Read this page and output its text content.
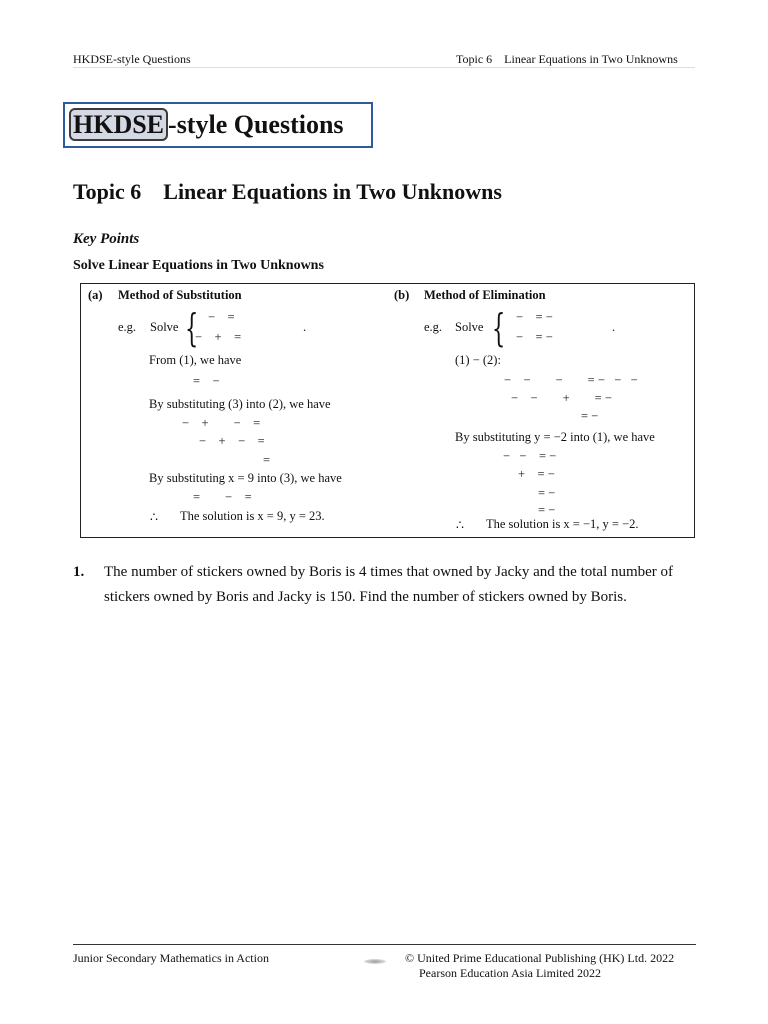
HKDSE-style Questions	Topic 6    Linear Equations in Two Unknowns
HKDSE -style Questions
Topic 6    Linear Equations in Two Unknowns
Key Points
Solve Linear Equations in Two Unknowns
(a) Method of Substitution
e.g. Solve { −    =
−    +    =
.
From (1), we have
=    −
By substituting (3) into (2), we have
−    +        −    =
−    +    −    =
=
By substituting x = 9 into (3), we have
=        −    =
∴ The solution is x = 9, y = 23.
(b) Method of Elimination
e.g. Solve { −    = −
−    = −
.
(1) − (2):
−    −        −        = −   −   −
−    −        +        = −
= −
By substituting y = −2 into (1), we have
−   −    = −
+    = −
= −
= −
∴ The solution is x = −1, y = −2.
1. The number of stickers owned by Boris is 4 times that owned by Jacky and the total number of
stickers owned by Boris and Jacky is 150. Find the number of stickers owned by Boris.
Junior Secondary Mathematics in Action	© United Prime Educational Publishing (HK) Ltd. 2022
Pearson Education Asia Limited 2022
